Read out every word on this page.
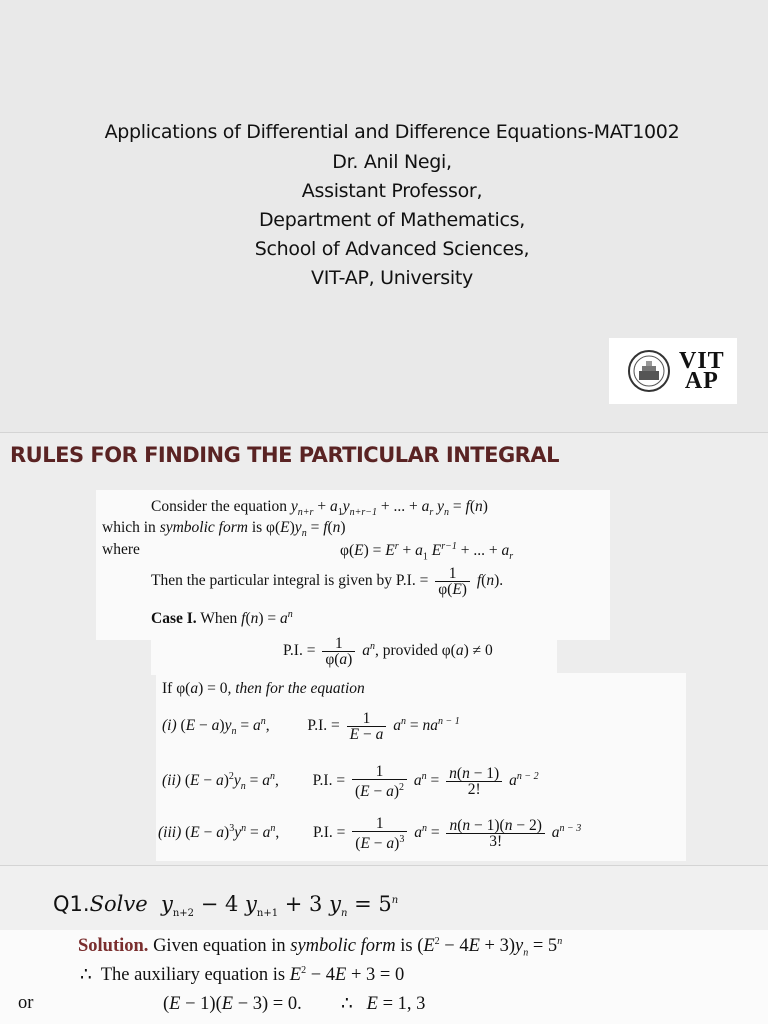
Applications of Differential and Difference Equations-MAT1002
Dr. Anil Negi,
Assistant Professor,
Department of Mathematics,
School of Advanced Sciences,
VIT-AP, University
VIT
AP
RULES FOR FINDING THE PARTICULAR INTEGRAL
Consider the equation $y_{n+r} + a_1y_{n+r-1}$ + ... + $a_r$ $y_n = f(n)$
which in symbolic form is $\varphi(E)y_n = f(n)$
where	$\varphi(E) = E^r + a_1$ $E^{r-1}$ + ... + $a_r$
Then the particular integral is given by P.I. = $\frac{1}{\varphi(E)} f(n)$.
Case I. When $f(n) = a^n$
P.I. = $\frac{1}{\varphi(a)} a^n$, provided φ(a) ≠ 0
If φ(a) = 0, then for the equation
(i) $(E - a)y_n = a^n$,  P.I. = $\frac{1}{E - a} a^n = na^{n - 1}$
(ii) $(E - a)^2y_n = a^n$,  P.I. = $\frac{1}{(E - a)^2} a^n = \frac{n(n - 1)}{2!} a^{n - 2}$
(iii) $(E - a)^3y^n = a^n$,  P.I. = $\frac{1}{(E - a)^3} a^n = \frac{n(n - 1)(n - 2)}{3!} a^{n - 3}$
Q1.Solve $y_{n+2} - 4$ $y_{n+1} + 3$ $y_n = 5^n$
Solution. Given equation in symbolic form is $(E^2 - 4E + 3)y_n = 5^n$
∴ The auxiliary equation is $E^2 - 4E + 3 = 0$
or	(E − 1)(E − 3) = 0.  ∴ E = 1, 3
